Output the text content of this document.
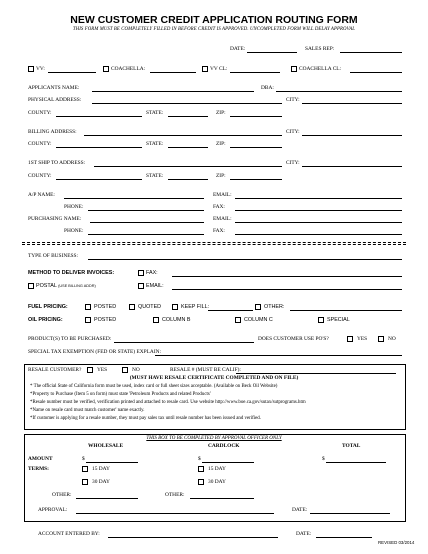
NEW CUSTOMER CREDIT APPLICATION ROUTING FORM
THIS FORM MUST BE COMPLETELY FILLED IN BEFORE CREDIT IS APPROVED. UNCOMPLETED FORM WILL DELAY APPROVAL
DATE:	SALES REP:
VV:	COACHELLA:	VV CL:	COACHELLA CL:
APPLICANTS NAME:	DBA:
PHYSICAL ADDRESS:	CITY:
COUNTY:	STATE:	ZIP:
BILLING ADDRESS:	CITY:
COUNTY:	STATE:	ZIP:
1ST SHIP TO ADDRESS:	CITY:
COUNTY:	STATE:	ZIP:
A/P NAME:	EMAIL:
PHONE:	FAX:
PURCHASING NAME:	EMAIL:
PHONE:	FAX:
TYPE OF BUSINESS:
METHOD TO DELIVER INVOICES:	FAX:
POSTAL (USE BILLING ADDR)	EMAIL:
FUEL PRICING:	POSTED	QUOTED	KEEP FILL:	OTHER:
OIL PRICING:	POSTED	COLUMN B	COLUMN C	SPECIAL
PRODUCT(S) TO BE PURCHASED:	DOES CUSTOMER USE PO'S?	YES	NO
SPECIAL TAX EXEMPTION (FED OR STATE) EXPLAIN:
RESALE CUSTOMER?	YES	NO	RESALE # (MUST BE CALIF):
(MUST HAVE RESALE CERTIFICATE COMPLETED AND ON FILE)
* The official State of California form must be used, index card or full sheet sizes acceptable. (Available on Beck Oil Website)
*Property to Purchase (Item 5 on form) must state 'Petroleum Products and related Products'
*Resale number must be verified, verification printed and attached to resale card. Use website http://www.boe.ca.gov/sutax/sutprograms.htm
*Name on resale card must match customer' name exactly.
*If customer is applying for a resale number, they must pay sales tax until resale number has been issued and verified.
THIS BOX TO BE COMPLETED BY APPROVAL OFFICER ONLY
WHOLESALE	CARDLOCK	TOTAL
AMOUNT	$	$	$
TERMS:	15 DAY	15 DAY
30 DAY	30 DAY
OTHER:	OTHER:
APPROVAL:	DATE:
ACCOUNT ENTERED BY:	DATE:
REVISED 03/2014
